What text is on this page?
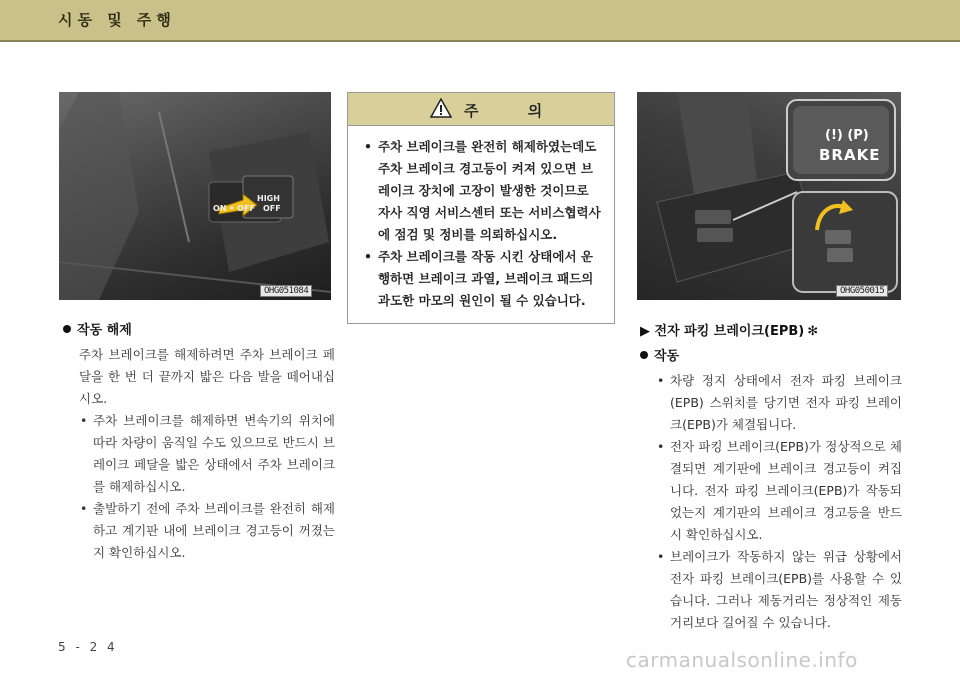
시동 및 주행
ON • OFF
HIGH
OFF
OHG051084
주 의
• 주차 브레이크를 완전히 해제하였는데도 주차 브레이크 경고등이 켜져 있으면 브레이크 장치에 고장이 발생한 것이므로 자사 직영 서비스센터 또는 서비스협력사에 점검 및 정비를 의뢰하십시오.
• 주차 브레이크를 작동 시킨 상태에서 운행하면 브레이크 과열, 브레이크 패드의 과도한 마모의 원인이 될 수 있습니다.
(!) (P)
BRAKE
OHG050015
작동 해제
주차 브레이크를 해제하려면 주차 브레이크 페달을 한 번 더 끝까지 밟은 다음 발을 떼어내십시오.
• 주차 브레이크를 해제하면 변속기의 위치에 따라 차량이 움직일 수도 있으므로 반드시 브레이크 페달을 밟은 상태에서 주차 브레이크를 해제하십시오.
• 출발하기 전에 주차 브레이크를 완전히 해제하고 계기판 내에 브레이크 경고등이 꺼졌는지 확인하십시오.
▶ 전자 파킹 브레이크(EPB) ✻
작동
• 차량 정지 상태에서 전자 파킹 브레이크(EPB) 스위치를 당기면 전자 파킹 브레이크(EPB)가 체결됩니다.
• 전자 파킹 브레이크(EPB)가 정상적으로 체결되면 계기판에 브레이크 경고등이 켜집니다. 전자 파킹 브레이크(EPB)가 작동되었는지 계기판의 브레이크 경고등을 반드시 확인하십시오.
• 브레이크가 작동하지 않는 위급 상황에서 전자 파킹 브레이크(EPB)를 사용할 수 있습니다. 그러나 제동거리는 정상적인 제동거리보다 길어질 수 있습니다.
5 - 2 4
carmanualsonline.info
